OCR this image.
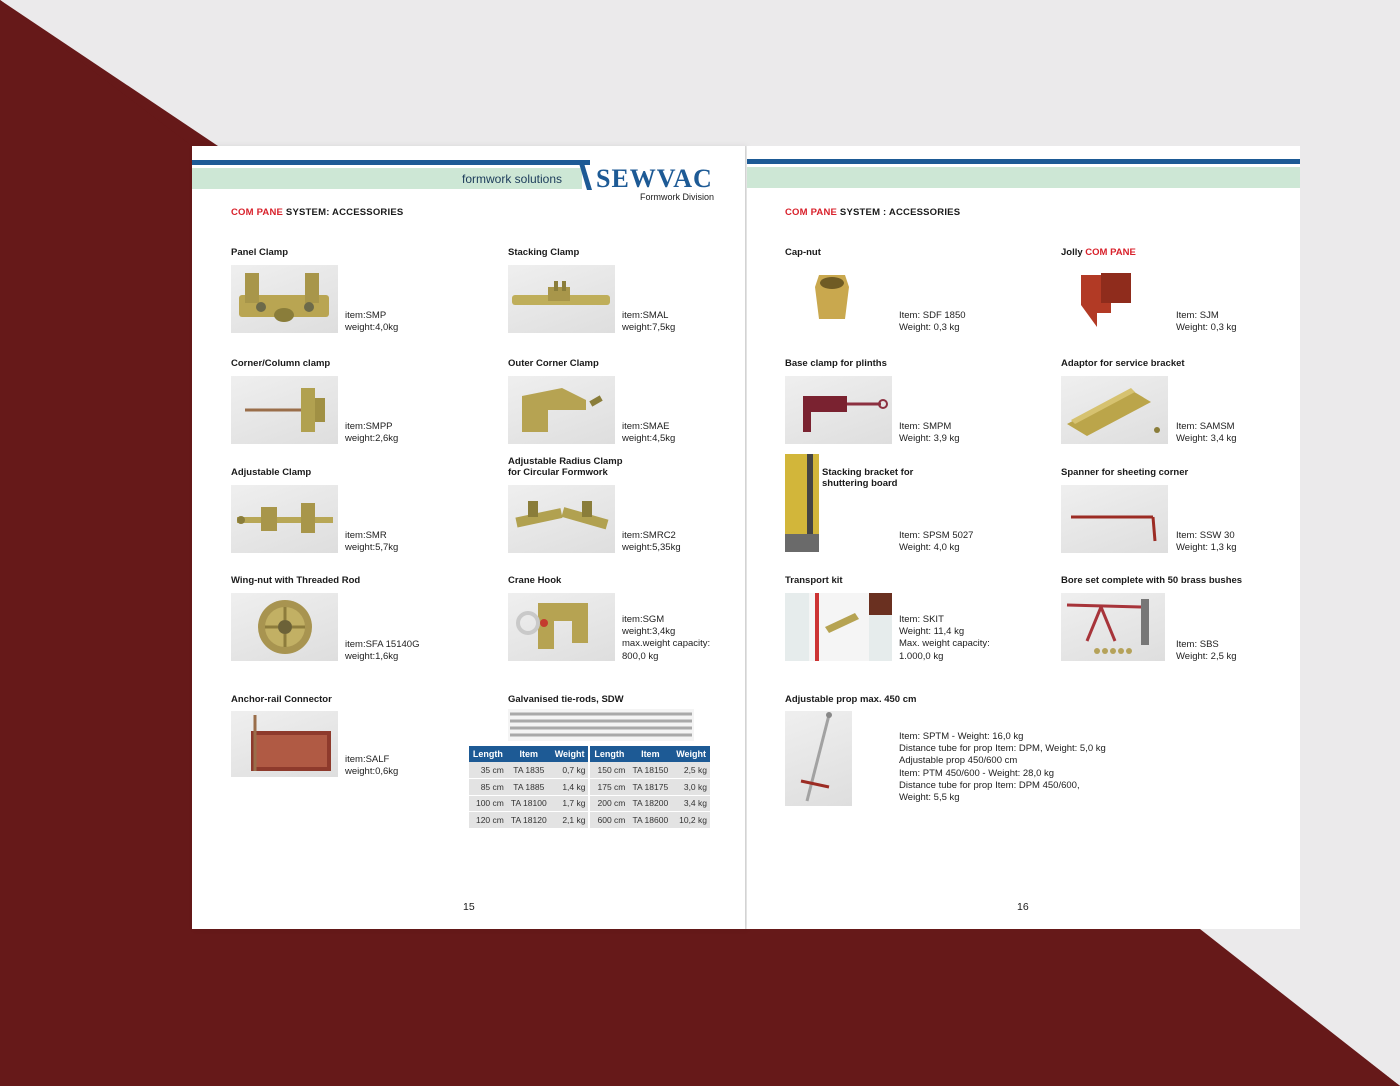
formwork solutions SEWVAC
Formwork Division
COM PANE SYSTEM: ACCESSORIES
Panel Clamp
item:SMP
weight:4,0kg
Stacking Clamp
item:SMAL
weight:7,5kg
Corner/Column clamp
item:SMPP
weight:2,6kg
Outer Corner Clamp
item:SMAE
weight:4,5kg
Adjustable Clamp
item:SMR
weight:5,7kg
Adjustable Radius Clamp
for Circular Formwork
item:SMRC2
weight:5,35kg
Wing-nut with Threaded Rod
item:SFA 15140G
weight:1,6kg
Crane Hook
item:SGM
weight:3,4kg
max.weight capacity:
800,0 kg
Anchor-rail Connector
item:SALF
weight:0,6kg
Galvanised tie-rods, SDW
Length	Item	Weight	Length	Item	Weight
35 cm	TA 1835	0,7 kg	150 cm	TA 18150	2,5 kg
85 cm	TA 1885	1,4 kg	175 cm	TA 18175	3,0 kg
100 cm	TA 18100	1,7 kg	200 cm	TA 18200	3,4 kg
120 cm	TA 18120	2,1 kg	600 cm	TA 18600	10,2 kg
15
COM PANE SYSTEM : ACCESSORIES
Cap-nut
Item: SDF 1850
Weight: 0,3 kg
Jolly COM PANE
Item: SJM
Weight: 0,3 kg
Base clamp for plinths
Item: SMPM
Weight: 3,9 kg
Adaptor for service bracket
Item: SAMSM
Weight: 3,4 kg
Stacking bracket for
shuttering board
Item: SPSM 5027
Weight: 4,0 kg
Spanner for sheeting corner
Item: SSW 30
Weight: 1,3 kg
Transport kit
Item: SKIT
Weight: 11,4 kg
Max. weight capacity:
1.000,0 kg
Bore set complete with 50 brass bushes
Item: SBS
Weight: 2,5 kg
Adjustable prop max. 450 cm
Item: SPTM - Weight: 16,0 kg
Distance tube for prop Item: DPM, Weight: 5,0 kg
Adjustable prop 450/600 cm
Item: PTM 450/600 - Weight: 28,0 kg
Distance tube for prop Item: DPM 450/600,
Weight: 5,5 kg
16
